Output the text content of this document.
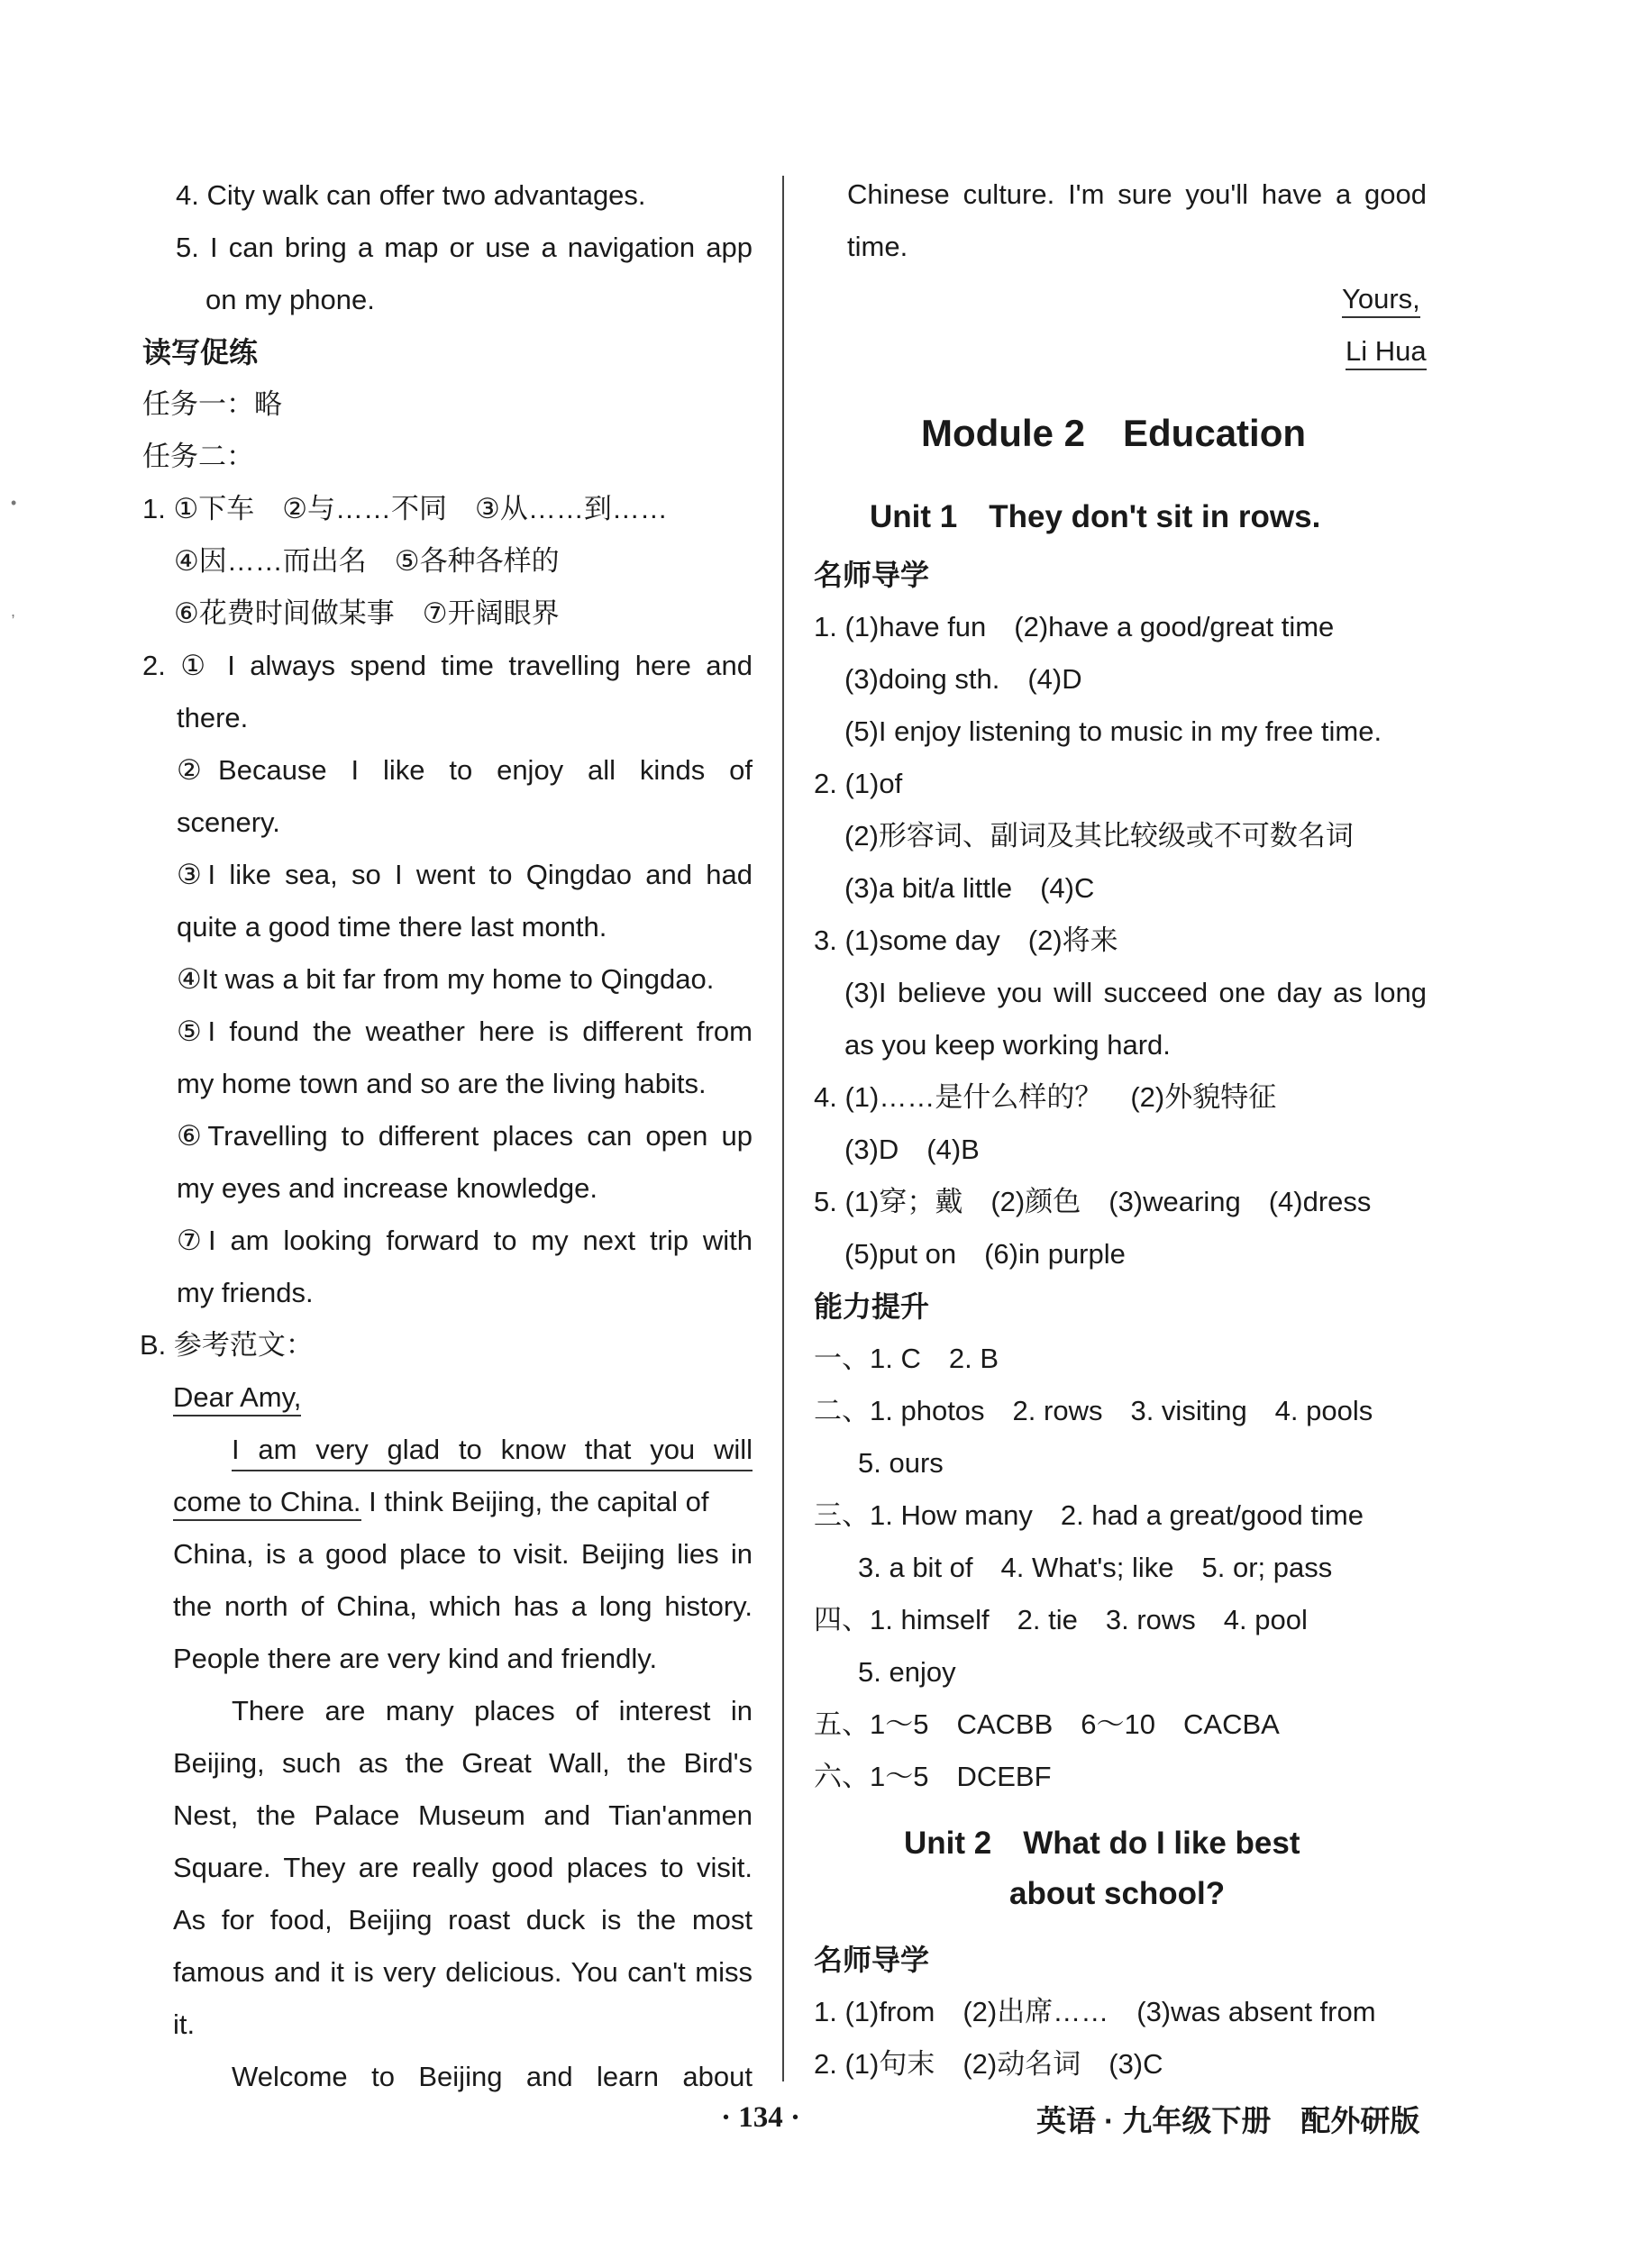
•
,
4. City walk can offer two advantages.
5. I can bring a map or use a navigation app
on my phone.
读写促练
任务一：略
任务二：
1. ①下车　②与……不同　③从……到……
④因……而出名　⑤各种各样的
⑥花费时间做某事　⑦开阔眼界
2. ① I always spend time travelling here and
there.
②Because I like to enjoy all kinds of
scenery.
③I like sea, so I went to Qingdao and had
quite a good time there last month.
④It was a bit far from my home to Qingdao.
⑤I found the weather here is different from
my home town and so are the living habits.
⑥Travelling to different places can open up
my eyes and increase knowledge.
⑦I am looking forward to my next trip with
my friends.
B. 参考范文：
Dear Amy,
I am very glad to know that you will
come to China. I think Beijing, the capital of
China, is a good place to visit. Beijing lies in
the north of China, which has a long history.
People there are very kind and friendly.
There are many places of interest in
Beijing, such as the Great Wall, the Bird's
Nest, the Palace Museum and Tian'anmen
Square. They are really good places to visit.
As for food, Beijing roast duck is the most
famous and it is very delicious. You can't miss
it.
Welcome to Beijing and learn about
Chinese culture. I'm sure you'll have a good
time.
Yours,
Li Hua
Module 2　Education
Unit 1　They don't sit in rows.
名师导学
1. (1)have fun　(2)have a good/great time
(3)doing sth.　(4)D
(5)I enjoy listening to music in my free time.
2. (1)of
(2)形容词、副词及其比较级或不可数名词
(3)a bit/a little　(4)C
3. (1)some day　(2)将来
(3)I believe you will succeed one day as long
as you keep working hard.
4. (1)……是什么样的？　(2)外貌特征
(3)D　(4)B
5. (1)穿；戴　(2)颜色　(3)wearing　(4)dress
(5)put on　(6)in purple
能力提升
一、1. C　2. B
二、1. photos　2. rows　3. visiting　4. pools
5. ours
三、1. How many　2. had a great/good time
3. a bit of　4. What's; like　5. or; pass
四、1. himself　2. tie　3. rows　4. pool
5. enjoy
五、1～5　CACBB　6～10　CACBA
六、1～5　DCEBF
Unit 2　What do I like best
about school?
名师导学
1. (1)from　(2)出席……　(3)was absent from
2. (1)句末　(2)动名词　(3)C
· 134 ·	英语 · 九年级下册　配外研版
